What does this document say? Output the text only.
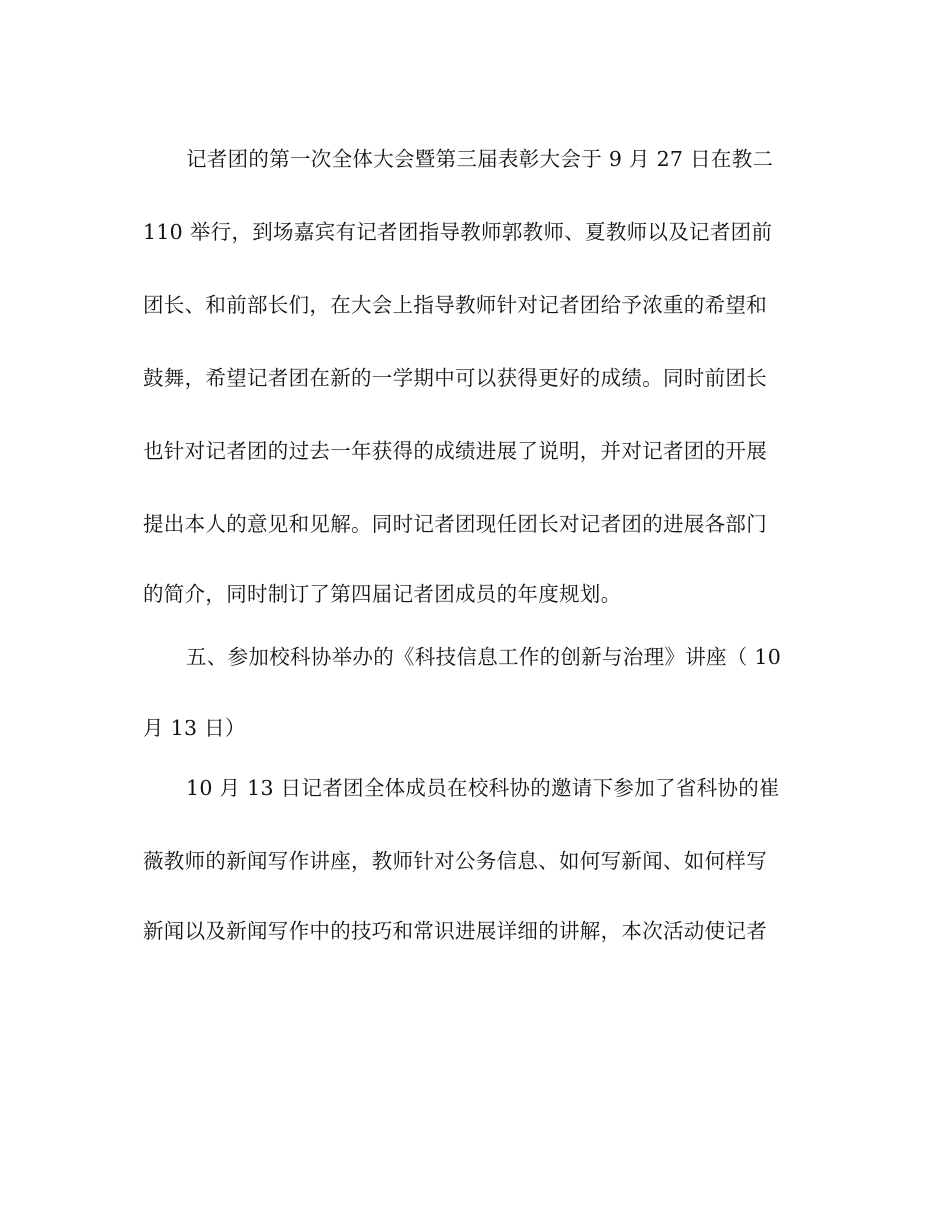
记者团的第一次全体大会暨第三届表彰大会于 9 月 27 日在教二

110 举行，到场嘉宾有记者团指导教师郭教师、夏教师以及记者团前

团长、和前部长们，在大会上指导教师针对记者团给予浓重的希望和

鼓舞，希望记者团在新的一学期中可以获得更好的成绩。同时前团长

也针对记者团的过去一年获得的成绩进展了说明，并对记者团的开展

提出本人的意见和见解。同时记者团现任团长对记者团的进展各部门

的简介，同时制订了第四届记者团成员的年度规划。

五、参加校科协举办的《科技信息工作的创新与治理》讲座（ 10

月 13 日）

10 月 13 日记者团全体成员在校科协的邀请下参加了省科协的崔

薇教师的新闻写作讲座，教师针对公务信息、如何写新闻、如何样写

新闻以及新闻写作中的技巧和常识进展详细的讲解，本次活动使记者
